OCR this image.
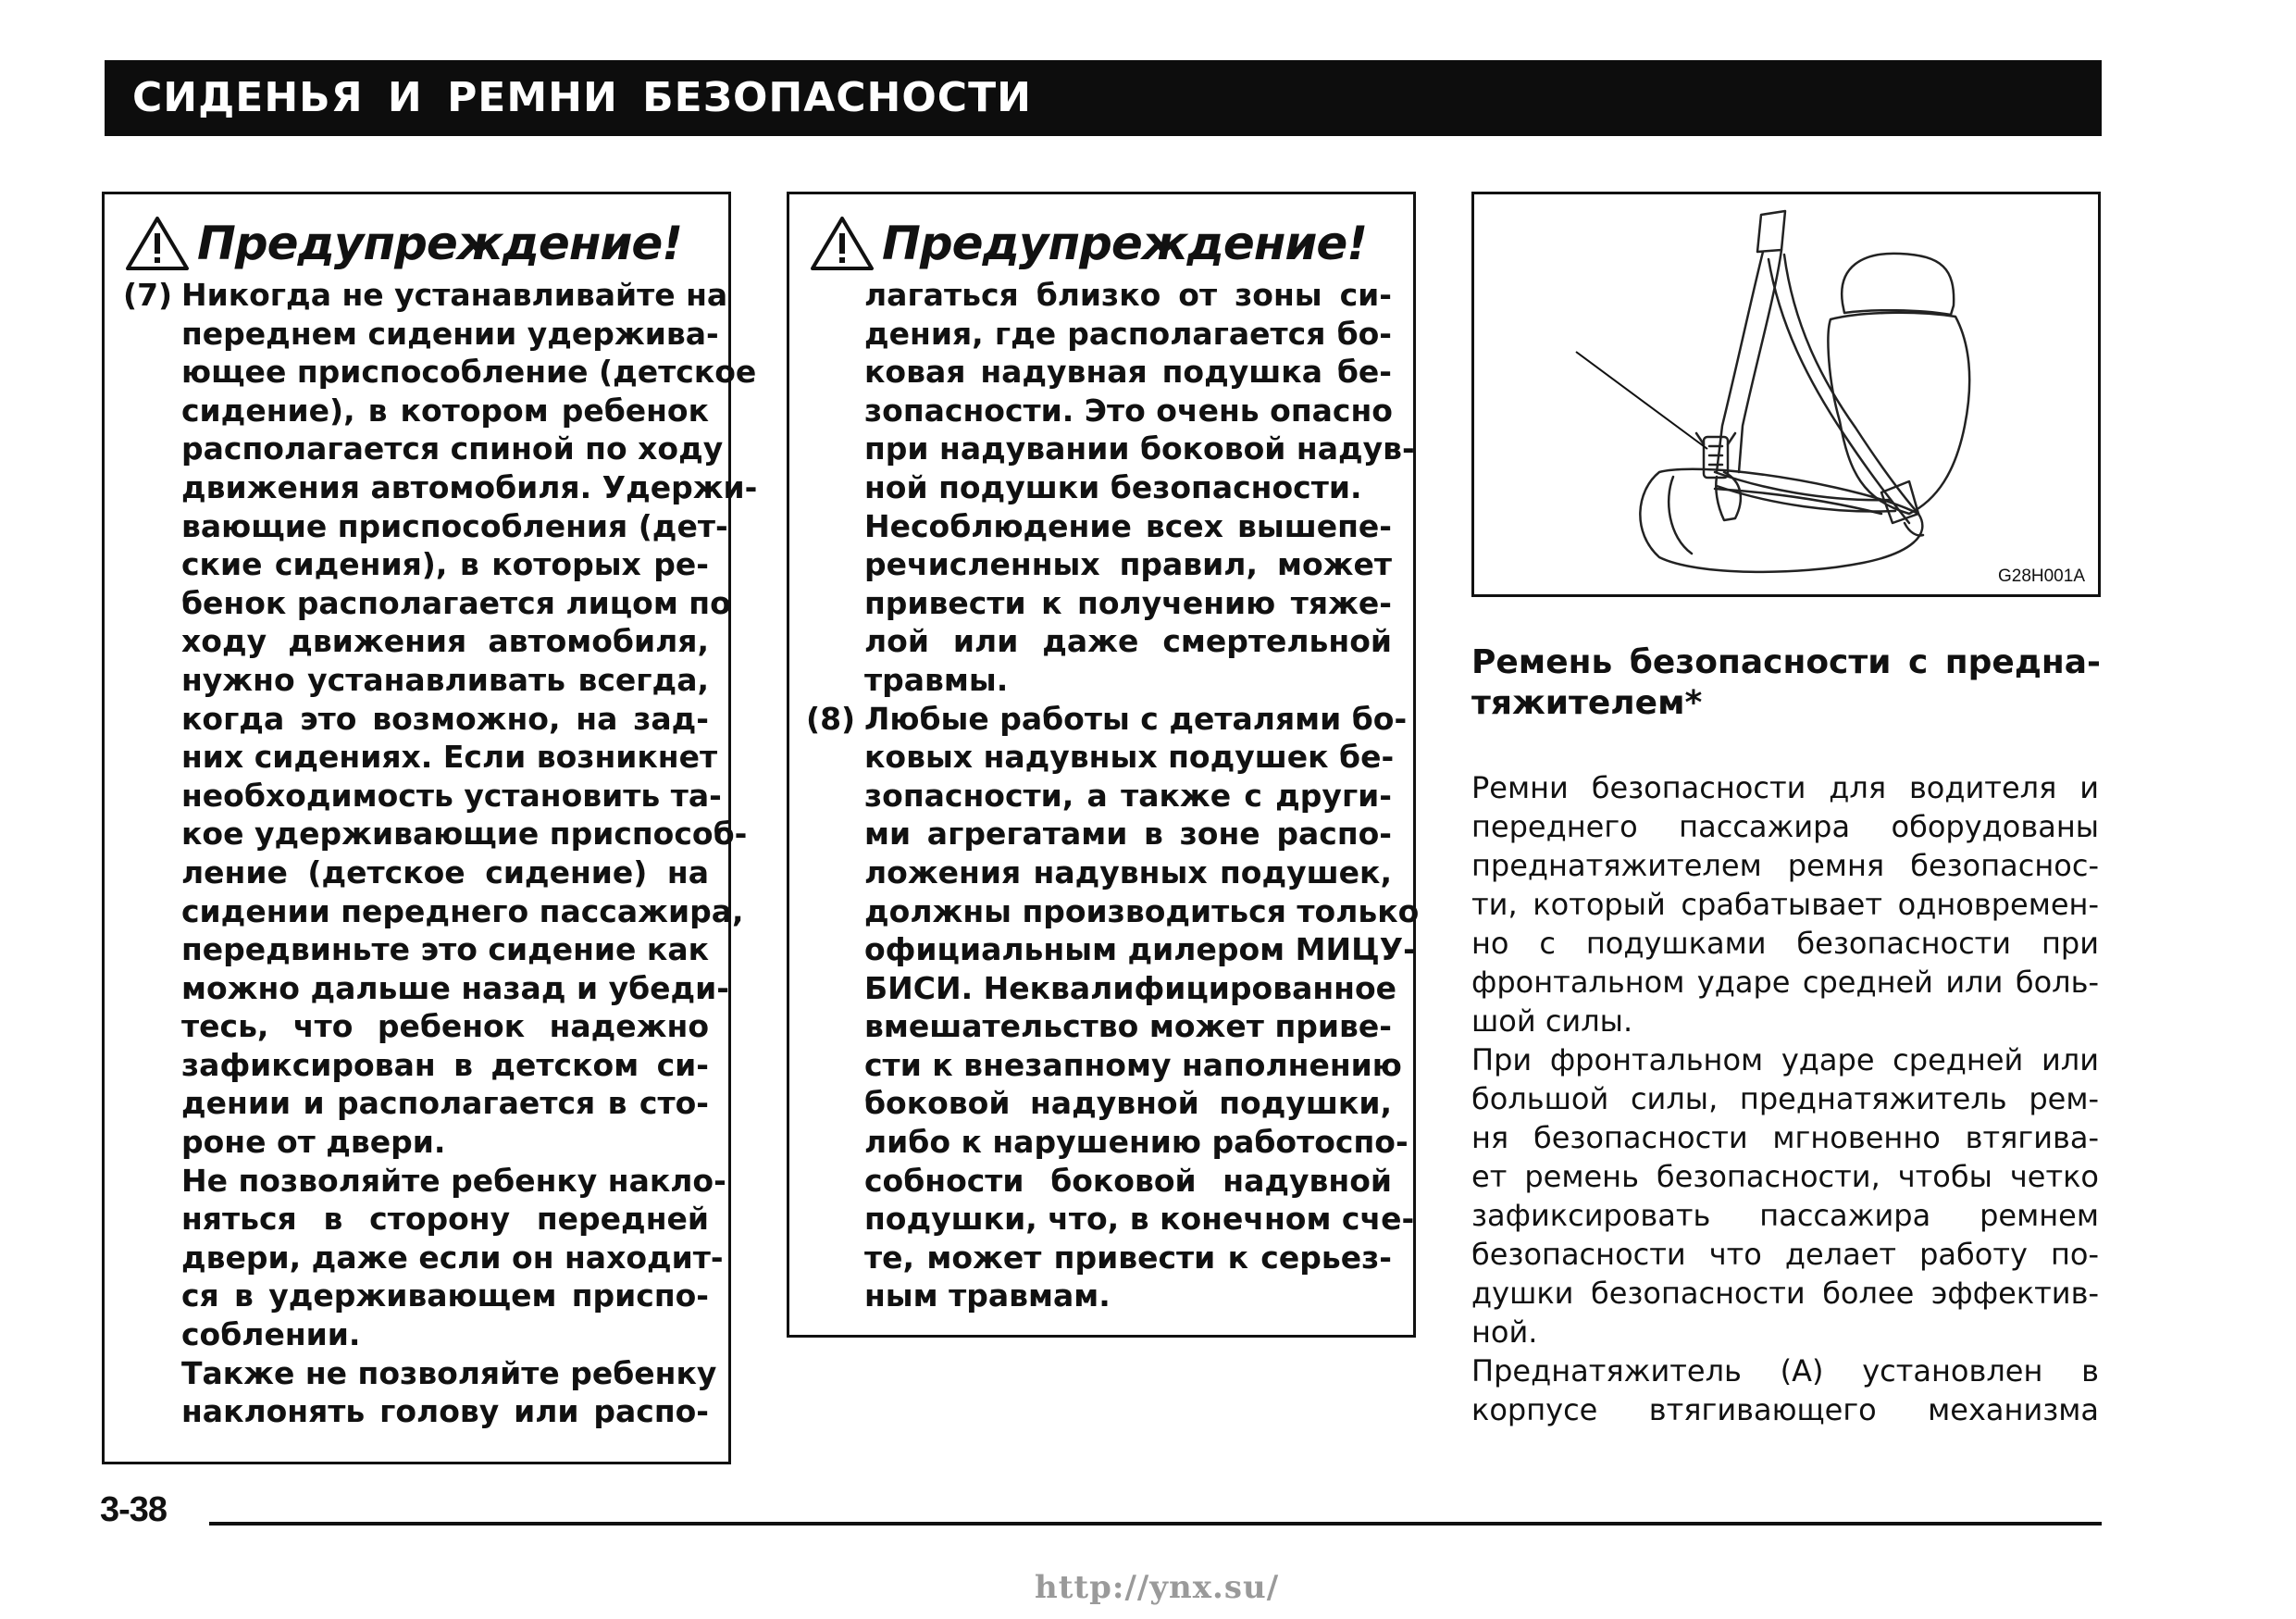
СИДЕНЬЯ И РЕМНИ БЕЗОПАСНОСТИ
Предупреждение!
(7) Никогда не устанавливайте на
переднем сидении удержива-
ющее приспособление (детское
сидение), в котором ребенок
располагается спиной по ходу
движения автомобиля. Удержи-
вающие приспособления (дет-
ские сидения), в которых ре-
бенок располагается лицом по
ходу движения автомобиля,
нужно устанавливать всегда,
когда это возможно, на зад-
них сидениях. Если возникнет
необходимость установить та-
кое удерживающие приспособ-
ление (детское сидение) на
сидении переднего пассажира,
передвиньте это сидение как
можно дальше назад и убеди-
тесь, что ребенок надежно
зафиксирован в детском си-
дении и располагается в сто-
роне от двери.
Не позволяйте ребенку накло-
няться в сторону передней
двери, даже если он находит-
ся в удерживающем приспо-
соблении.
Также не позволяйте ребенку
наклонять голову или распо-
Предупреждение!
лагаться близко от зоны си-
дения, где располагается бо-
ковая надувная подушка бе-
зопасности. Это очень опасно
при надувании боковой надув-
ной подушки безопасности.
Несоблюдение всех вышепе-
речисленных правил, может
привести к получению тяже-
лой или даже смертельной
травмы.
(8) Любые работы с деталями бо-
ковых надувных подушек бе-
зопасности, а также с други-
ми агрегатами в зоне распо-
ложения надувных подушек,
должны производиться только
официальным дилером МИЦУ-
БИСИ. Неквалифицированное
вмешательство может приве-
сти к внезапному наполнению
боковой надувной подушки,
либо к нарушению работоспо-
собности боковой надувной
подушки, что, в конечном сче-
те, может привести к серьез-
ным травмам.
G28H001A
Ремень безопасности с предна-
тяжителем*
Ремни безопасности для водителя и
переднего пассажира оборудованы
преднатяжителем ремня безопаснос-
ти, который срабатывает одновремен-
но с подушками безопасности при
фронтальном ударе средней или боль-
шой силы.
При фронтальном ударе средней или
большой силы, преднатяжитель рем-
ня безопасности мгновенно втягива-
ет ремень безопасности, чтобы четко
зафиксировать пассажира ремнем
безопасности что делает работу по-
душки безопасности более эффектив-
ной.
Преднатяжитель (А) установлен в
корпусе втягивающего механизма
3-38
http://ynx.su/
